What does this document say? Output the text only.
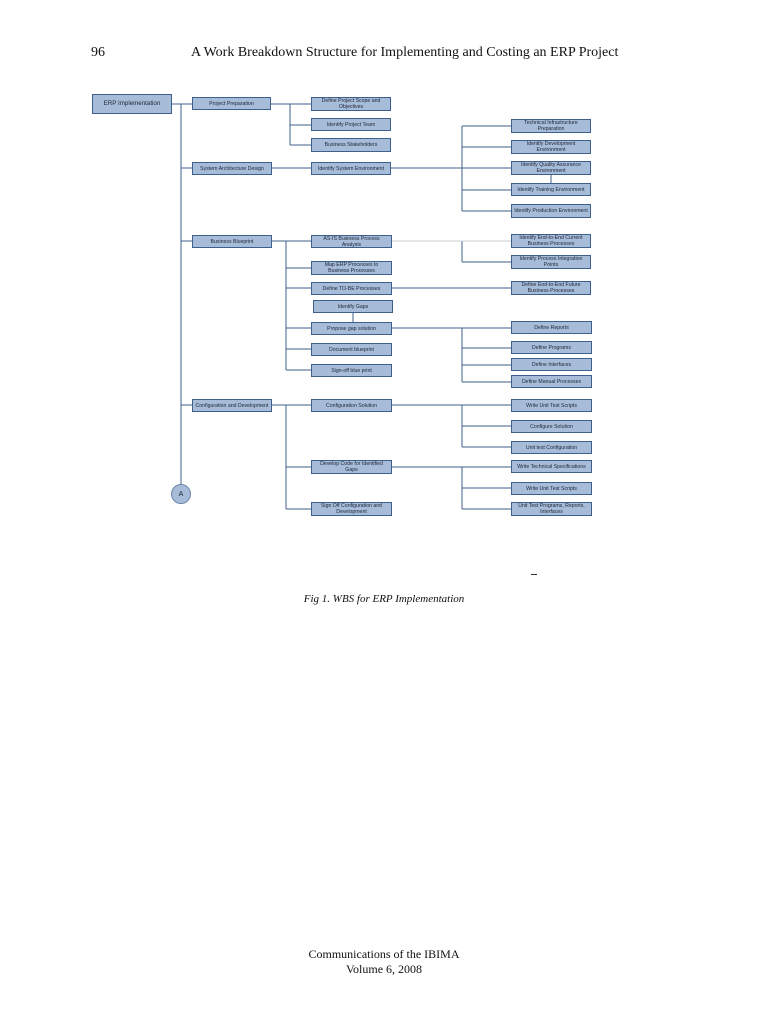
96	A Work Breakdown Structure for Implementing and Costing an ERP Project
ERP Implementation	Project Preparation
System Architecture Design
Business Blueprint
Configuration and Development
Define Project Scope and Objectives
Identify Project Team
Business Stakeholders
Identify System Environment
AS-IS Business Process Analysis
Map ERP Processes to Business Processes
Define TO-BE Processes
Identify Gaps
Propose gap solution
Document blueprint
Sign-off blue print
Configuration Solution
Develop Code for Identified Gaps
Sign Off Configuration and Development
Technical Infrastructure Preparation
Identify Development Environment
Identify Quality Assurance Environment
Identify Training Environment
Identify Production Environment
Identify End-to-End Current Business Processes
Identify Process Integration Points
Define End-to-End Future Business Processes
Define Reports
Define Programs
Define Interfaces
Define Manual Processes
Write Unit Test Scripts
Configure Solution
Unit test Configuration
Write Technical Specifications
Write Unit Test Scripts
Unit Test Programs, Reports, Interfaces
A
Fig 1. WBS for ERP Implementation
Communications of the IBIMA
Volume 6, 2008
